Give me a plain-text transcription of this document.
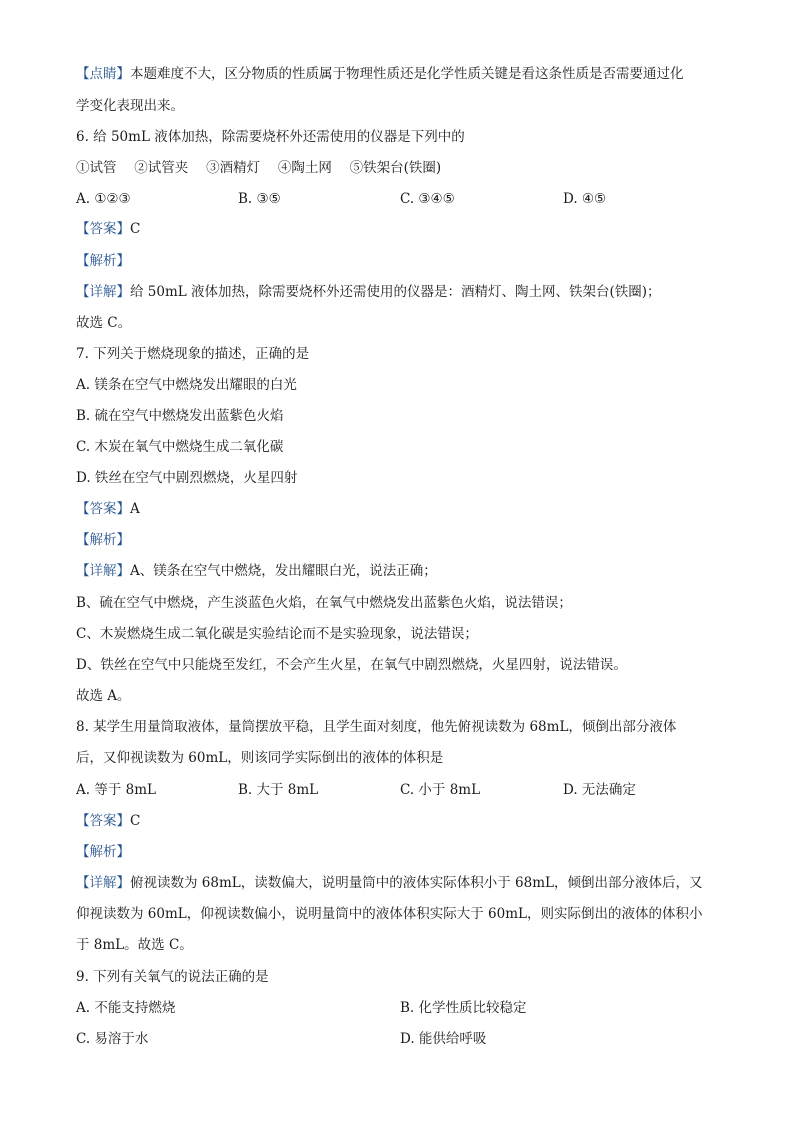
【点睛】本题难度不大，区分物质的性质属于物理性质还是化学性质关键是看这条性质是否需要通过化
学变化表现出来。
6. 给 50mL 液体加热，除需要烧杯外还需使用的仪器是下列中的
①试管　 ②试管夹　 ③酒精灯　 ④陶土网　 ⑤铁架台(铁圈)
A. ①②③	B. ③⑤	C. ③④⑤	D. ④⑤
【答案】C
【解析】
【详解】给 50mL 液体加热，除需要烧杯外还需使用的仪器是：酒精灯、陶土网、铁架台(铁圈)；
故选 C。
7. 下列关于燃烧现象的描述，正确的是
A. 镁条在空气中燃烧发出耀眼的白光
B. 硫在空气中燃烧发出蓝紫色火焰
C. 木炭在氧气中燃烧生成二氧化碳
D. 铁丝在空气中剧烈燃烧，火星四射
【答案】A
【解析】
【详解】A、镁条在空气中燃烧，发出耀眼白光，说法正确；
B、硫在空气中燃烧，产生淡蓝色火焰，在氧气中燃烧发出蓝紫色火焰，说法错误；
C、木炭燃烧生成二氧化碳是实验结论而不是实验现象，说法错误；
D、铁丝在空气中只能烧至发红，不会产生火星，在氧气中剧烈燃烧，火星四射，说法错误。
故选 A。
8. 某学生用量筒取液体，量筒摆放平稳，且学生面对刻度，他先俯视读数为 68mL，倾倒出部分液体
后，又仰视读数为 60mL，则该同学实际倒出的液体的体积是
A. 等于 8mL	B. 大于 8mL	C. 小于 8mL	D. 无法确定
【答案】C
【解析】
【详解】俯视读数为 68mL，读数偏大，说明量筒中的液体实际体积小于 68mL，倾倒出部分液体后，又
仰视读数为 60mL，仰视读数偏小，说明量筒中的液体体积实际大于 60mL，则实际倒出的液体的体积小
于 8mL。故选 C。
9. 下列有关氧气的说法正确的是
A. 不能支持燃烧	B. 化学性质比较稳定
C. 易溶于水	D. 能供给呼吸
